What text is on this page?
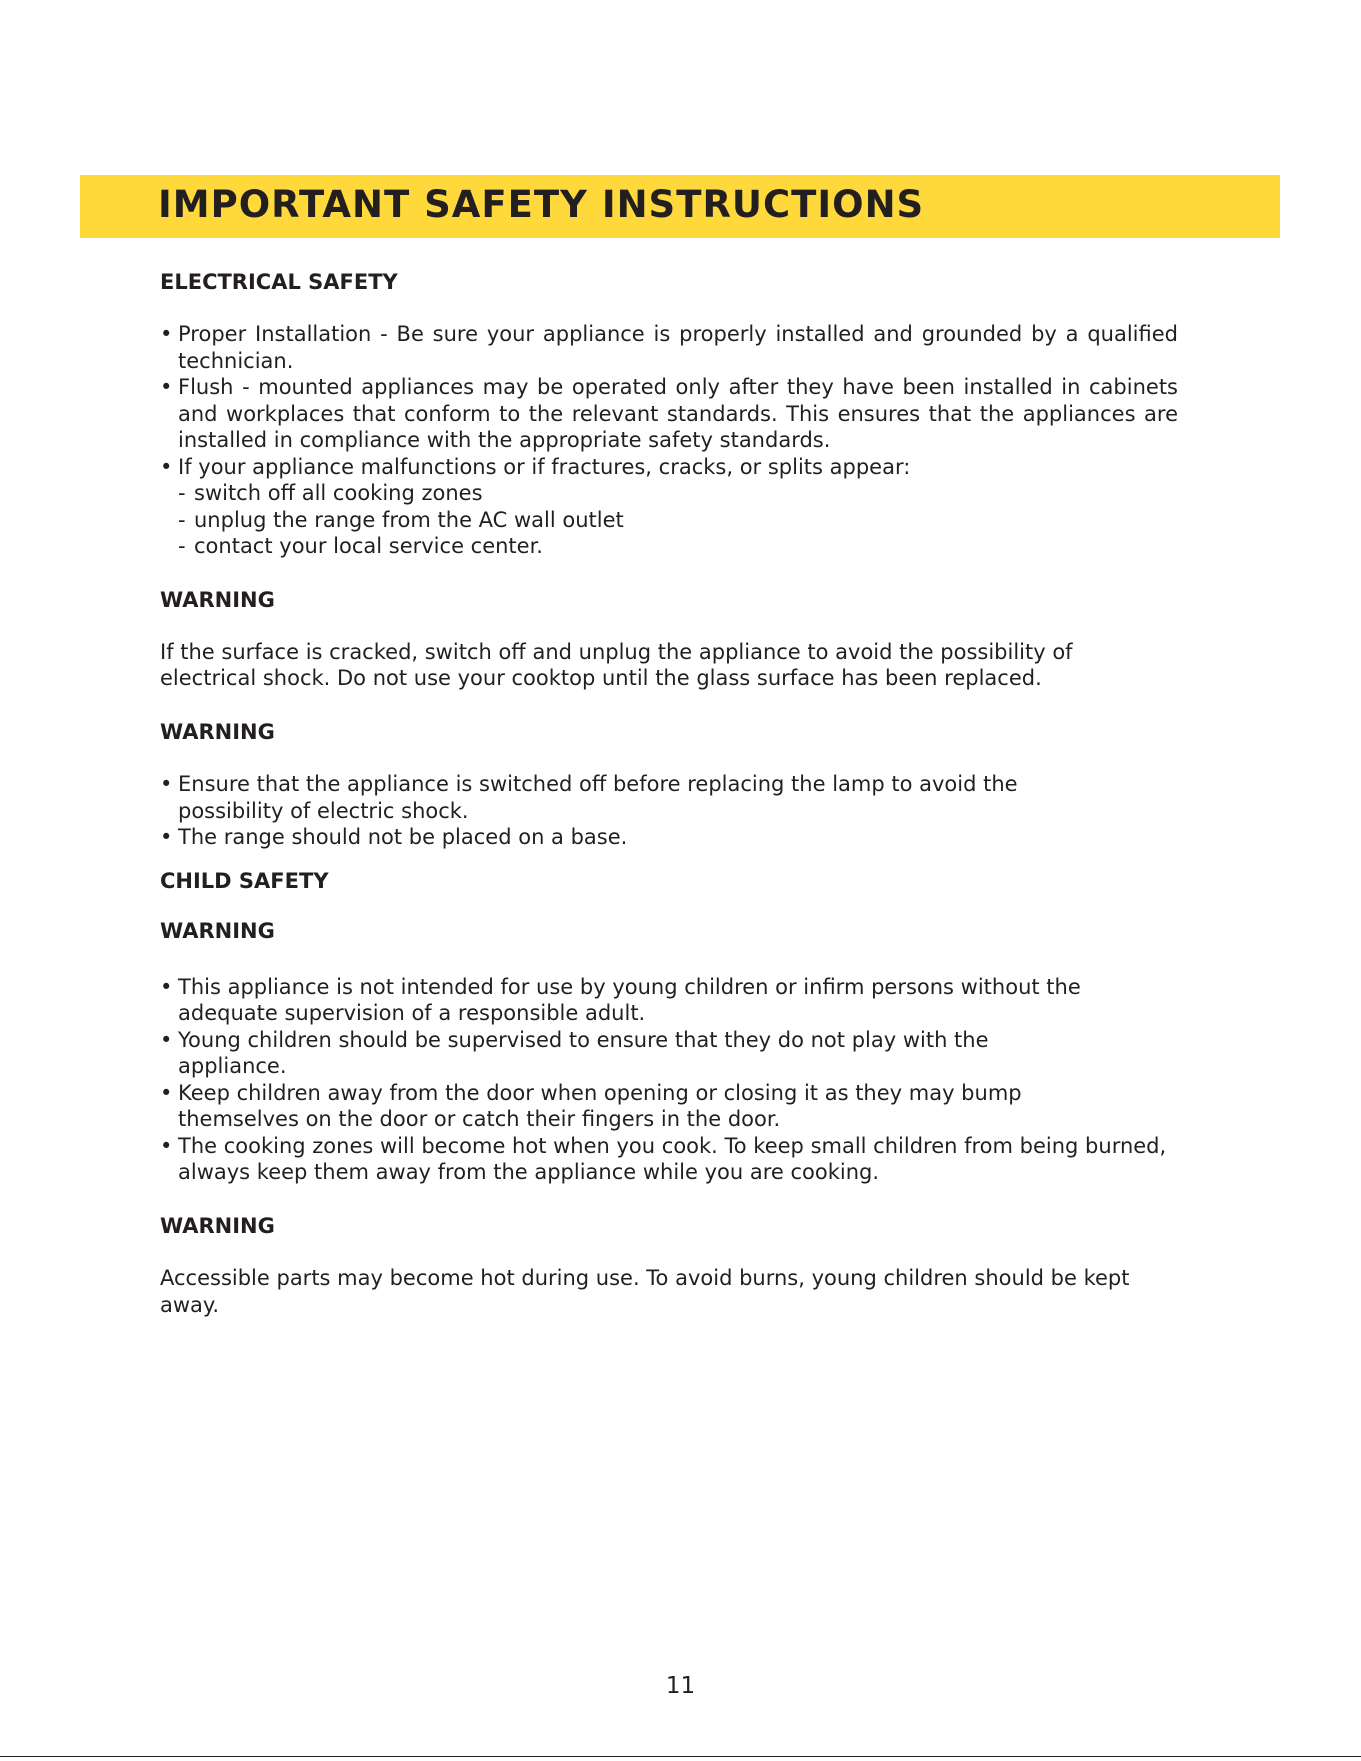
IMPORTANT SAFETY INSTRUCTIONS
ELECTRICAL SAFETY
• Proper Installation - Be sure your appliance is properly installed and grounded by a qualified technician.
• Flush - mounted appliances may be operated only after they have been installed in cabinets and workplaces that conform to the relevant standards. This ensures that the appliances are installed in compliance with the appropriate safety standards.
• If your appliance malfunctions or if fractures, cracks, or splits appear:
- switch off all cooking zones
- unplug the range from the AC wall outlet
- contact your local service center.
WARNING

If the surface is cracked, switch off and unplug the appliance to avoid the possibility of electrical shock. Do not use your cooktop until the glass surface has been replaced.

WARNING
• Ensure that the appliance is switched off before replacing the lamp to avoid the possibility of electric shock.
• The range should not be placed on a base.
CHILD SAFETY
WARNING
• This appliance is not intended for use by young children or infirm persons without the adequate supervision of a responsible adult.
• Young children should be supervised to ensure that they do not play with the appliance.
• Keep children away from the door when opening or closing it as they may bump themselves on the door or catch their fingers in the door.
• The cooking zones will become hot when you cook. To keep small children from being burned, always keep them away from the appliance while you are cooking.
WARNING

Accessible parts may become hot during use. To avoid burns, young children should be kept away.

11
